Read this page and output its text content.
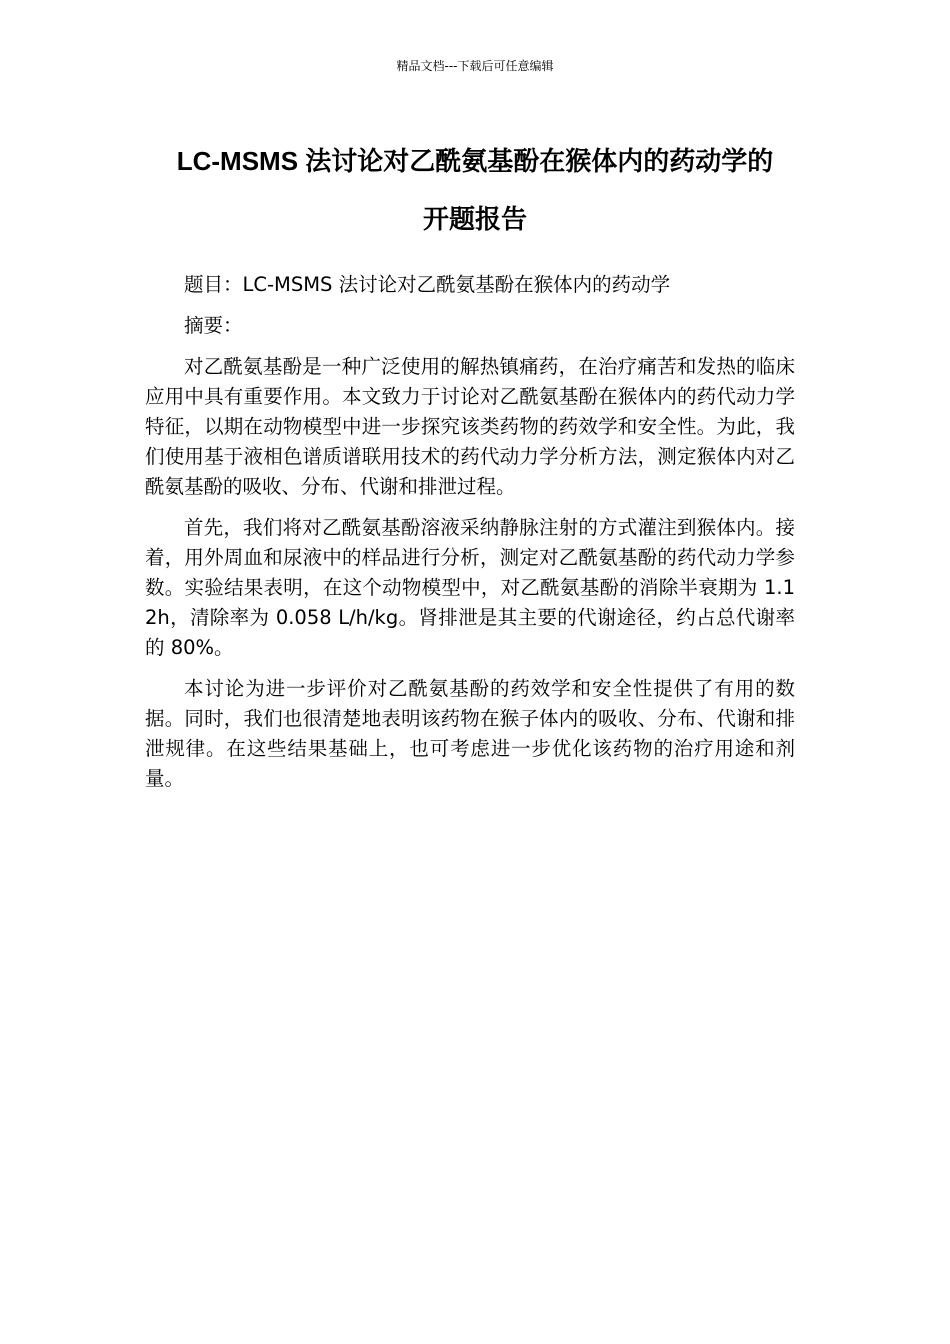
精品文档---下载后可任意编辑
LC-MSMS 法讨论对乙酰氨基酚在猴体内的药动学的
开题报告

题目：LC-MSMS 法讨论对乙酰氨基酚在猴体内的药动学

摘要：

对乙酰氨基酚是一种广泛使用的解热镇痛药，在治疗痛苦和发热的临床应用中具有重要作用。本文致力于讨论对乙酰氨基酚在猴体内的药代动力学特征，以期在动物模型中进一步探究该类药物的药效学和安全性。为此，我们使用基于液相色谱质谱联用技术的药代动力学分析方法，测定猴体内对乙酰氨基酚的吸收、分布、代谢和排泄过程。

首先，我们将对乙酰氨基酚溶液采纳静脉注射的方式灌注到猴体内。接着，用外周血和尿液中的样品进行分析，测定对乙酰氨基酚的药代动力学参数。实验结果表明，在这个动物模型中，对乙酰氨基酚的消除半衰期为 1.12h，清除率为 0.058 L/h/kg。肾排泄是其主要的代谢途径，约占总代谢率的 80%。

本讨论为进一步评价对乙酰氨基酚的药效学和安全性提供了有用的数据。同时，我们也很清楚地表明该药物在猴子体内的吸收、分布、代谢和排泄规律。在这些结果基础上，也可考虑进一步优化该药物的治疗用途和剂量。
